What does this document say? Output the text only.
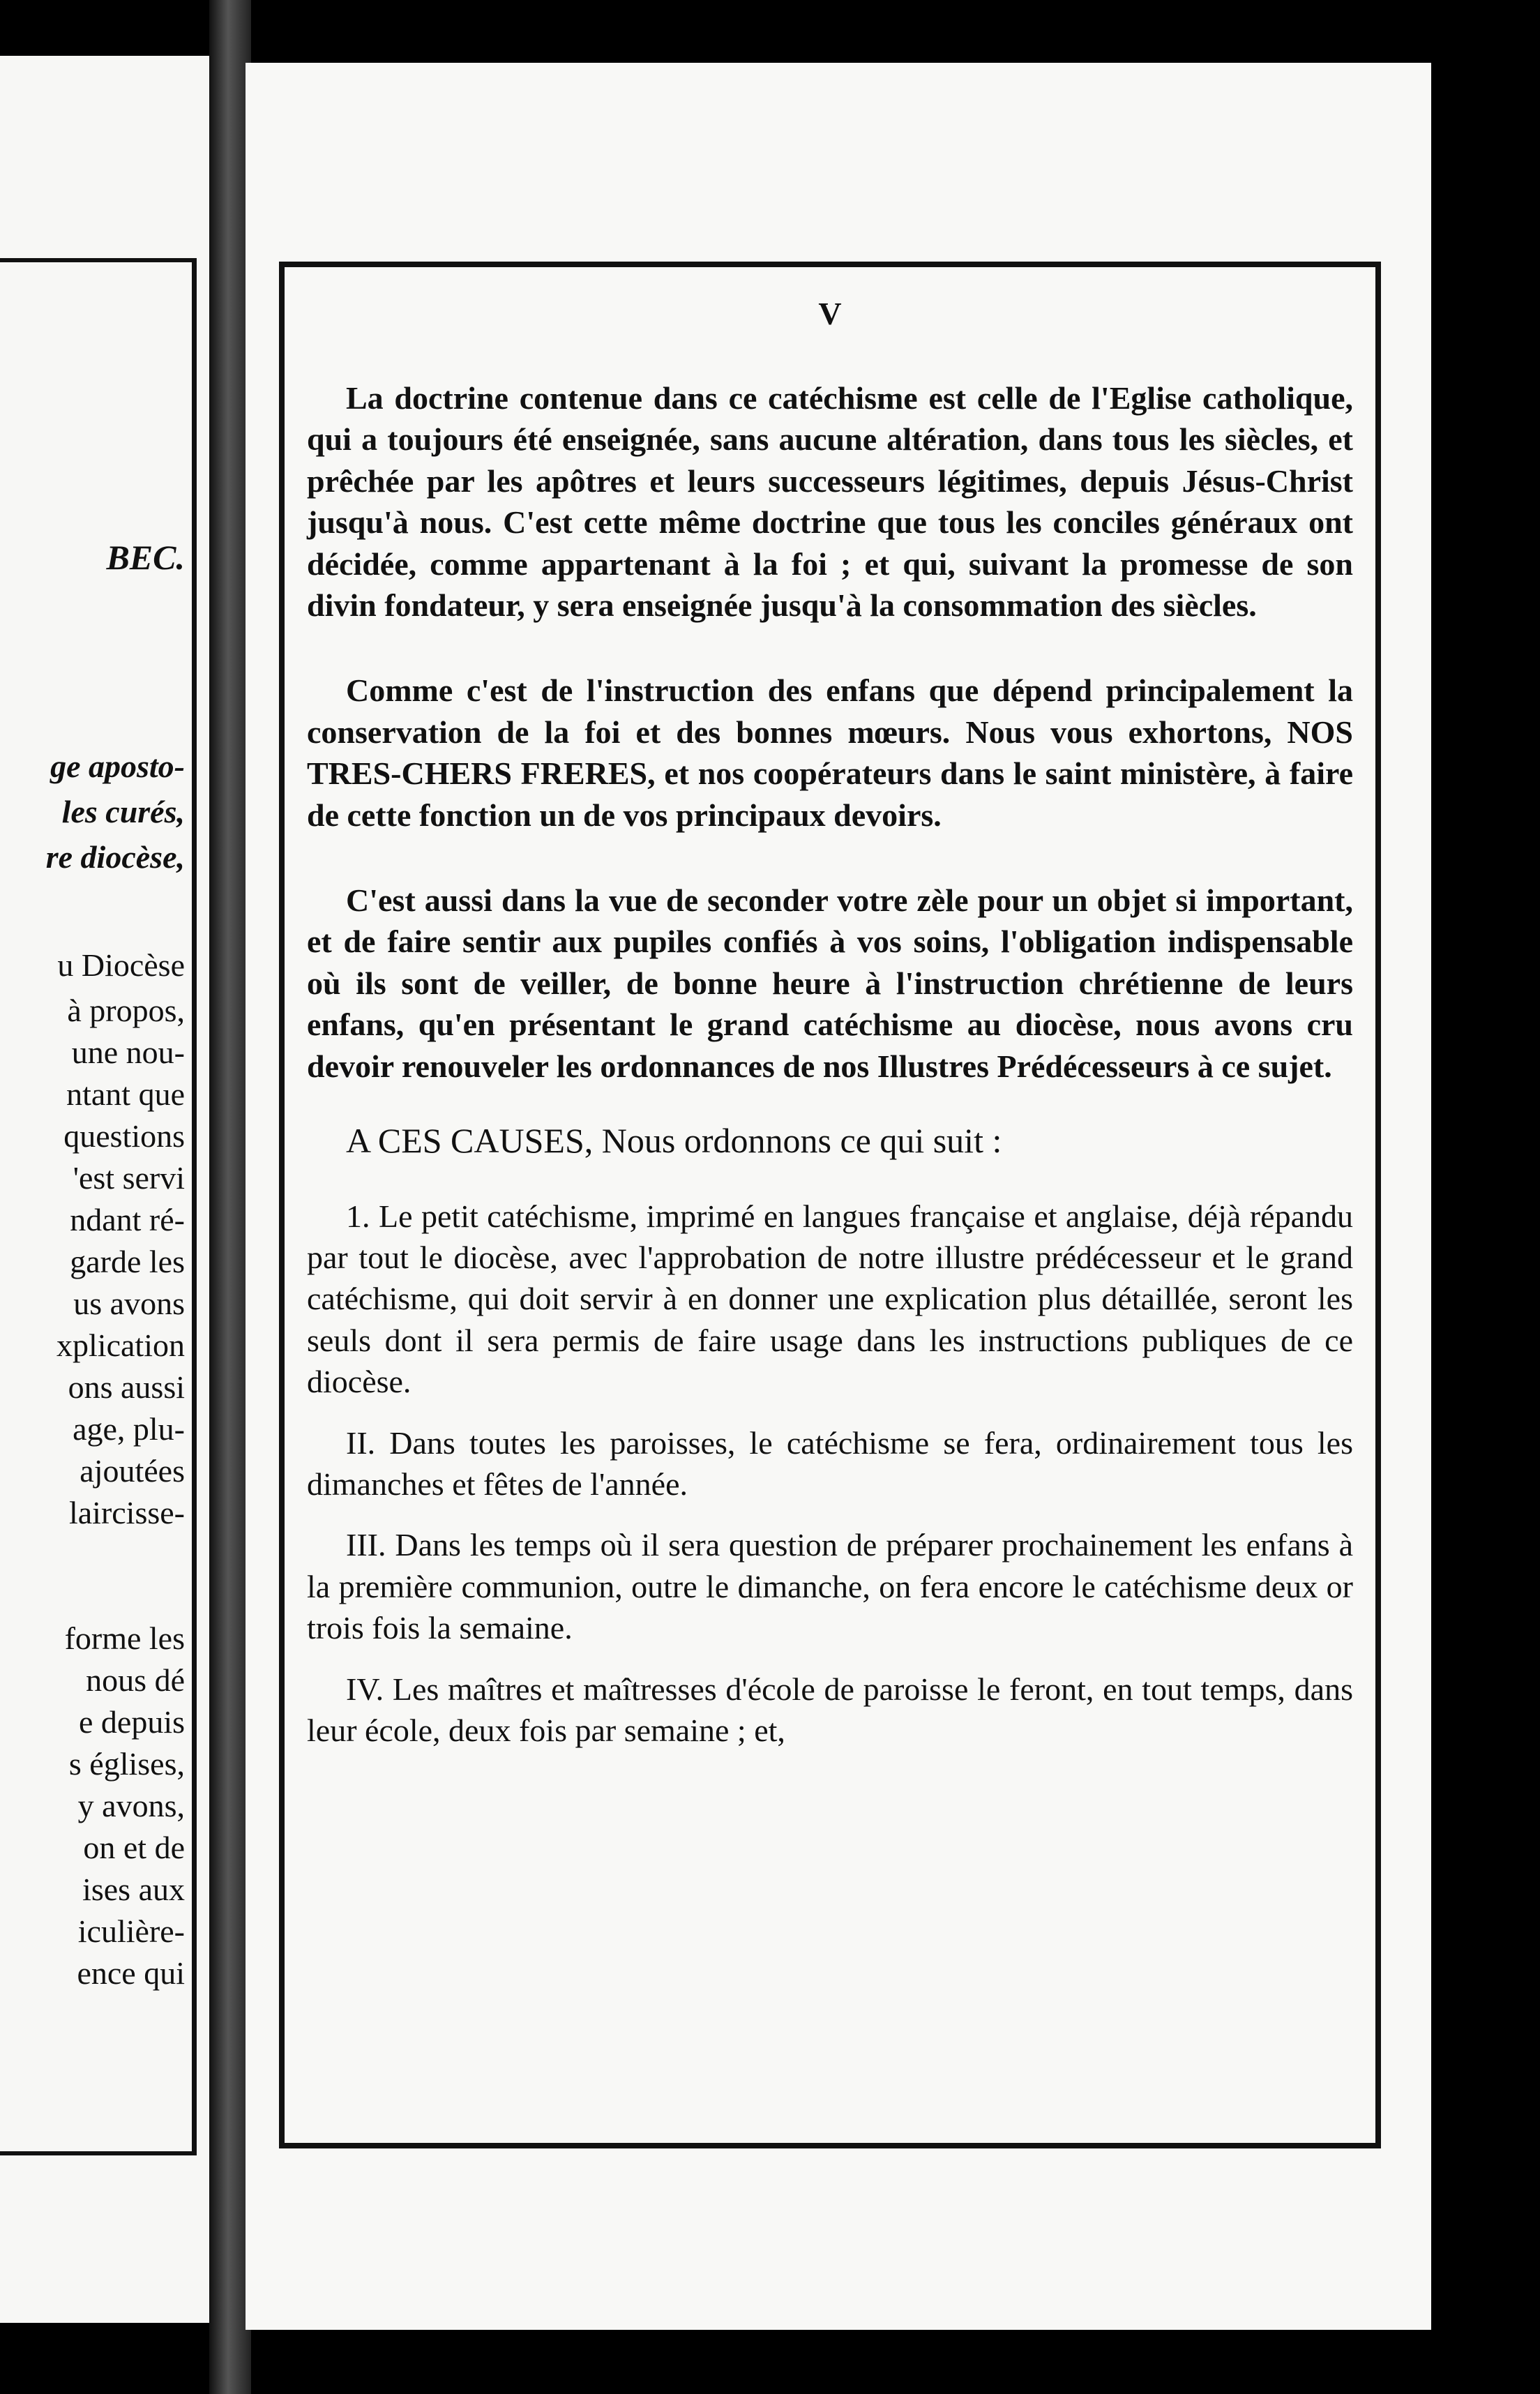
BEC.
ge aposto-
les curés,
re diocèse,
u Diocèse
à propos,
une nou-
ntant que
questions
'est servi
ndant ré-
garde les
us avons
xplication
ons aussi
age, plu-
ajoutées
laircisse-
forme les
nous dé
e depuis
s églises,
y avons,
on et de
ises aux
iculière-
ence qui
V

La doctrine contenue dans ce catéchisme est celle de l'Eglise catholique, qui a toujours été enseignée, sans aucune altération, dans tous les siècles, et prêchée par les apôtres et leurs successeurs légitimes, depuis Jésus-Christ jusqu'à nous. C'est cette même doctrine que tous les conciles généraux ont décidée, comme appartenant à la foi ; et qui, suivant la promesse de son divin fondateur, y sera enseignée jusqu'à la consommation des siècles.

Comme c'est de l'instruction des enfans que dépend principalement la conservation de la foi et des bonnes mœurs. Nous vous exhortons, NOS TRES-CHERS FRERES, et nos coopérateurs dans le saint ministère, à faire de cette fonction un de vos principaux devoirs.

C'est aussi dans la vue de seconder votre zèle pour un objet si important, et de faire sentir aux pupiles confiés à vos soins, l'obligation indispensable où ils sont de veiller, de bonne heure à l'instruction chrétienne de leurs enfans, qu'en présentant le grand catéchisme au diocèse, nous avons cru devoir renouveler les ordonnances de nos Illustres Prédécesseurs à ce sujet.

A CES CAUSES, Nous ordonnons ce qui suit :

1. Le petit catéchisme, imprimé en langues française et anglaise, déjà répandu par tout le diocèse, avec l'approbation de notre illustre prédécesseur et le grand catéchisme, qui doit servir à en donner une explication plus détaillée, seront les seuls dont il sera permis de faire usage dans les instructions publiques de ce diocèse.

II. Dans toutes les paroisses, le catéchisme se fera, ordinairement tous les dimanches et fêtes de l'année.

III. Dans les temps où il sera question de préparer prochainement les enfans à la première communion, outre le dimanche, on fera encore le catéchisme deux or trois fois la semaine.

IV. Les maîtres et maîtresses d'école de paroisse le feront, en tout temps, dans leur école, deux fois par semaine ; et,
